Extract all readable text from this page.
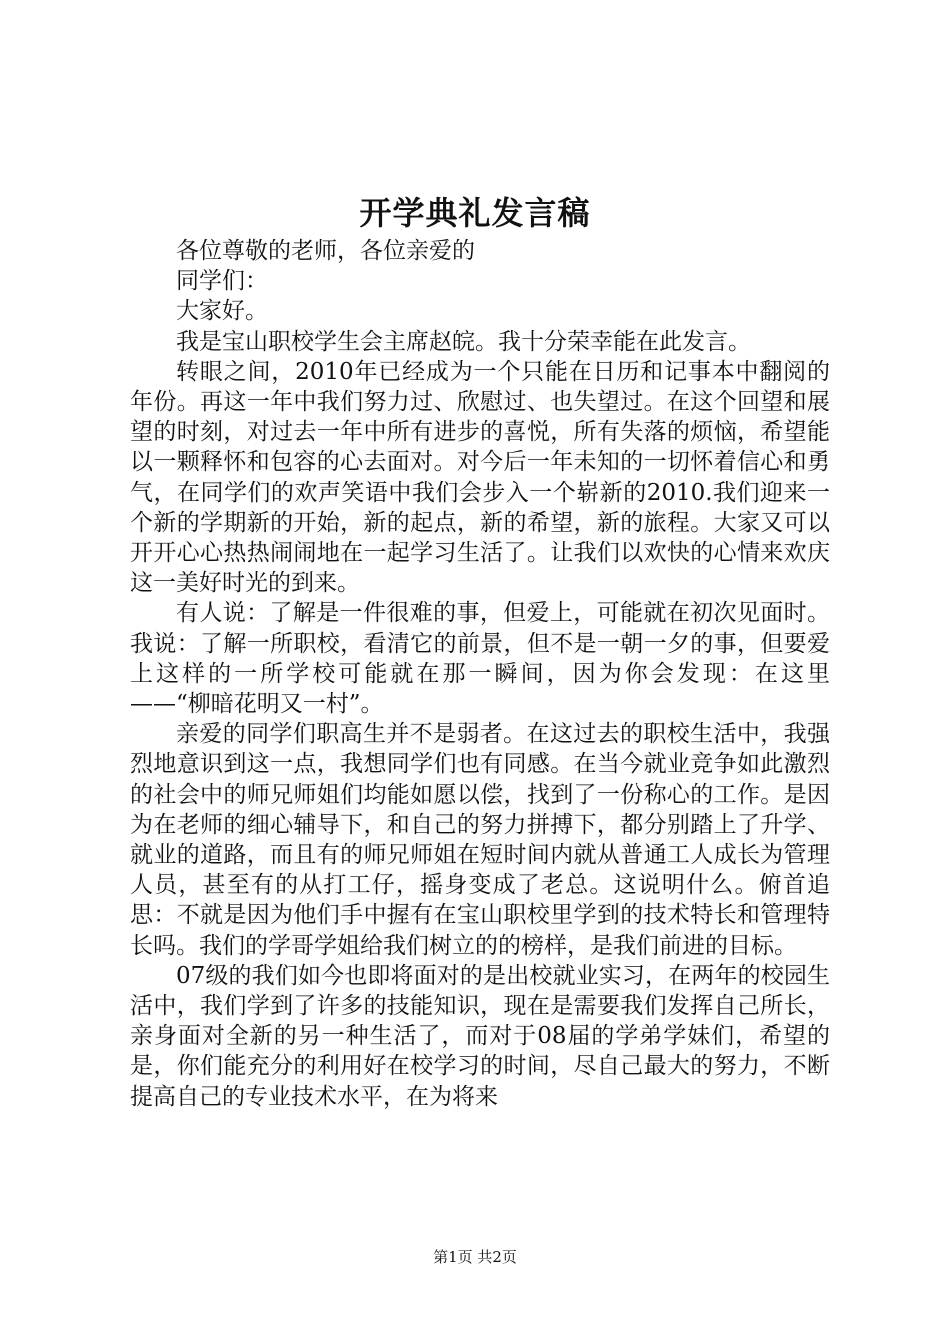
开学典礼发言稿

各位尊敬的老师，各位亲爱的

同学们：

大家好。

我是宝山职校学生会主席赵皖。我十分荣幸能在此发言。

转眼之间，2010年已经成为一个只能在日历和记事本中翻阅的年份。再这一年中我们努力过、欣慰过、也失望过。在这个回望和展望的时刻，对过去一年中所有进步的喜悦，所有失落的烦恼，希望能以一颗释怀和包容的心去面对。对今后一年未知的一切怀着信心和勇气，在同学们的欢声笑语中我们会步入一个崭新的2010.我们迎来一个新的学期新的开始，新的起点，新的希望，新的旅程。大家又可以开开心心热热闹闹地在一起学习生活了。让我们以欢快的心情来欢庆这一美好时光的到来。

有人说：了解是一件很难的事，但爱上，可能就在初次见面时。我说：了解一所职校，看清它的前景，但不是一朝一夕的事，但要爱上这样的一所学校可能就在那一瞬间，因为你会发现：在这里——“柳暗花明又一村”。

亲爱的同学们职高生并不是弱者。在这过去的职校生活中，我强烈地意识到这一点，我想同学们也有同感。在当今就业竞争如此激烈的社会中的师兄师姐们均能如愿以偿，找到了一份称心的工作。是因为在老师的细心辅导下，和自己的努力拼搏下，都分别踏上了升学、就业的道路，而且有的师兄师姐在短时间内就从普通工人成长为管理人员，甚至有的从打工仔，摇身变成了老总。这说明什么。俯首追思：不就是因为他们手中握有在宝山职校里学到的技术特长和管理特长吗。我们的学哥学姐给我们树立的的榜样，是我们前进的目标。

07级的我们如今也即将面对的是出校就业实习，在两年的校园生活中，我们学到了许多的技能知识，现在是需要我们发挥自己所长，亲身面对全新的另一种生活了，而对于08届的学弟学妹们，希望的是，你们能充分的利用好在校学习的时间，尽自己最大的努力，不断提高自己的专业技术水平，在为将来

第1页 共2页
